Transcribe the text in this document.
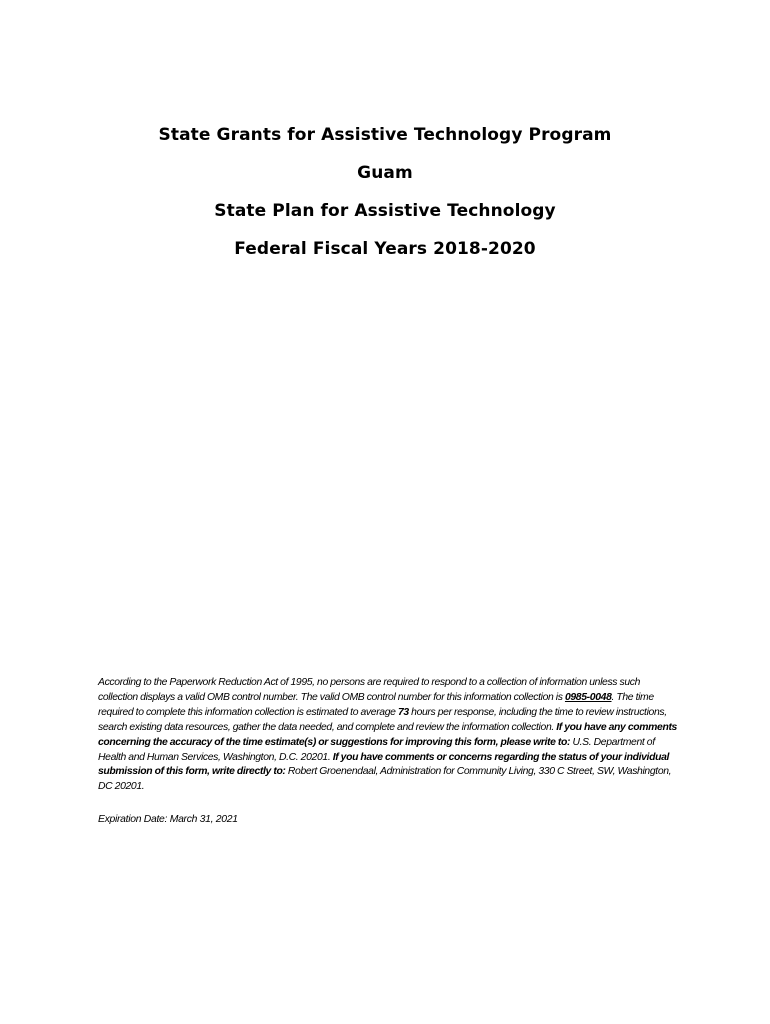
State Grants for Assistive Technology Program
Guam
State Plan for Assistive Technology
Federal Fiscal Years 2018-2020
According to the Paperwork Reduction Act of 1995, no persons are required to respond to a collection of information unless such collection displays a valid OMB control number. The valid OMB control number for this information collection is 0985-0048. The time required to complete this information collection is estimated to average 73 hours per response, including the time to review instructions, search existing data resources, gather the data needed, and complete and review the information collection. If you have any comments concerning the accuracy of the time estimate(s) or suggestions for improving this form, please write to: U.S. Department of Health and Human Services, Washington, D.C. 20201. If you have comments or concerns regarding the status of your individual submission of this form, write directly to: Robert Groenendaal, Administration for Community Living, 330 C Street, SW, Washington, DC 20201.
Expiration Date: March 31, 2021
